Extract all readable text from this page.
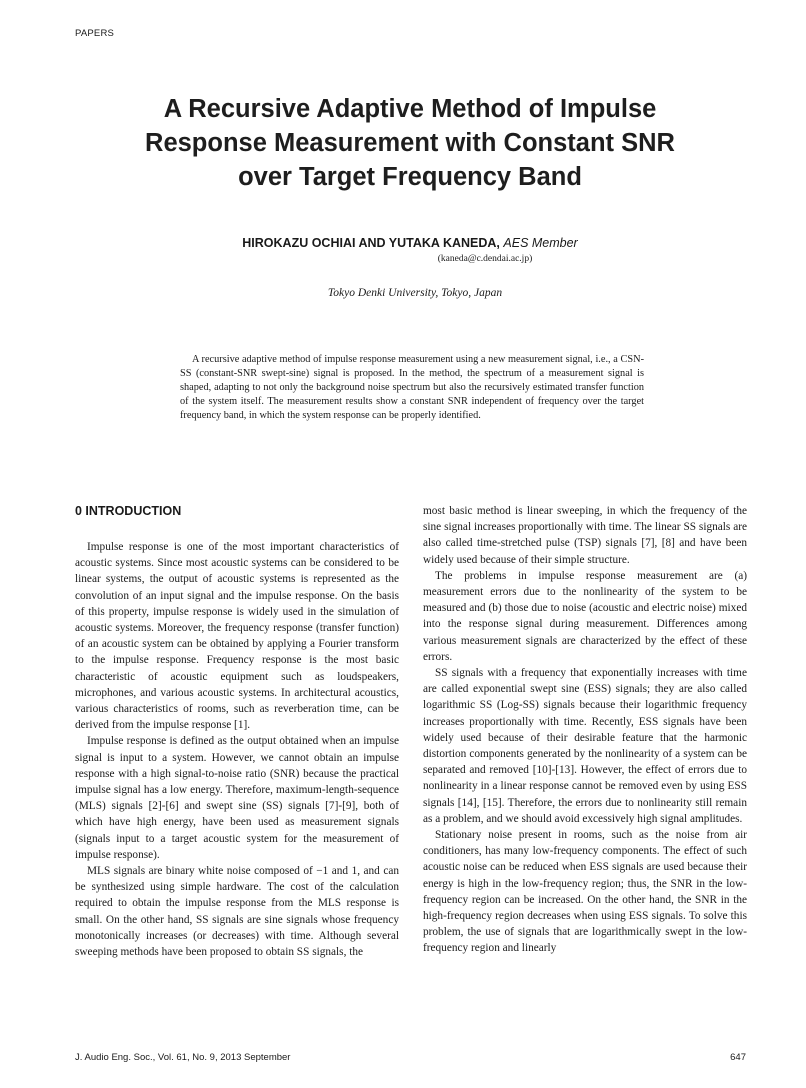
PAPERS
A Recursive Adaptive Method of Impulse
Response Measurement with Constant SNR
over Target Frequency Band
HIROKAZU OCHIAI AND YUTAKA KANEDA, AES Member
(kaneda@c.dendai.ac.jp)
Tokyo Denki University, Tokyo, Japan
A recursive adaptive method of impulse response measurement using a new measurement signal, i.e., a CSN-SS (constant-SNR swept-sine) signal is proposed. In the method, the spectrum of a measurement signal is shaped, adapting to not only the background noise spectrum but also the recursively estimated transfer function of the system itself. The measurement results show a constant SNR independent of frequency over the target frequency band, in which the system response can be properly identified.
0 INTRODUCTION

Impulse response is one of the most important characteristics of acoustic systems. Since most acoustic systems can be considered to be linear systems, the output of acoustic systems is represented as the convolution of an input signal and the impulse response. On the basis of this property, impulse response is widely used in the simulation of acoustic systems. Moreover, the frequency response (transfer function) of an acoustic system can be obtained by applying a Fourier transform to the impulse response. Frequency response is the most basic characteristic of acoustic equipment such as loudspeakers, microphones, and various acoustic systems. In architectural acoustics, various characteristics of rooms, such as reverberation time, can be derived from the impulse response [1].

Impulse response is defined as the output obtained when an impulse signal is input to a system. However, we cannot obtain an impulse response with a high signal-to-noise ratio (SNR) because the practical impulse signal has a low energy. Therefore, maximum-length-sequence (MLS) signals [2]-[6] and swept sine (SS) signals [7]-[9], both of which have high energy, have been used as measurement signals (signals input to a target acoustic system for the measurement of impulse response).

MLS signals are binary white noise composed of −1 and 1, and can be synthesized using simple hardware. The cost of the calculation required to obtain the impulse response from the MLS response is small. On the other hand, SS signals are sine signals whose frequency monotonically increases (or decreases) with time. Although several sweeping methods have been proposed to obtain SS signals, the

most basic method is linear sweeping, in which the frequency of the sine signal increases proportionally with time. The linear SS signals are also called time-stretched pulse (TSP) signals [7], [8] and have been widely used because of their simple structure.

The problems in impulse response measurement are (a) measurement errors due to the nonlinearity of the system to be measured and (b) those due to noise (acoustic and electric noise) mixed into the response signal during measurement. Differences among various measurement signals are characterized by the effect of these errors.

SS signals with a frequency that exponentially increases with time are called exponential swept sine (ESS) signals; they are also called logarithmic SS (Log-SS) signals because their logarithmic frequency increases proportionally with time. Recently, ESS signals have been widely used because of their desirable feature that the harmonic distortion components generated by the nonlinearity of a system can be separated and removed [10]-[13]. However, the effect of errors due to nonlinearity in a linear response cannot be removed even by using ESS signals [14], [15]. Therefore, the errors due to nonlinearity still remain as a problem, and we should avoid excessively high signal amplitudes.

Stationary noise present in rooms, such as the noise from air conditioners, has many low-frequency components. The effect of such acoustic noise can be reduced when ESS signals are used because their energy is high in the low-frequency region; thus, the SNR in the low-frequency region can be increased. On the other hand, the SNR in the high-frequency region decreases when using ESS signals. To solve this problem, the use of signals that are logarithmically swept in the low-frequency region and linearly

J. Audio Eng. Soc., Vol. 61, No. 9, 2013 September	647
